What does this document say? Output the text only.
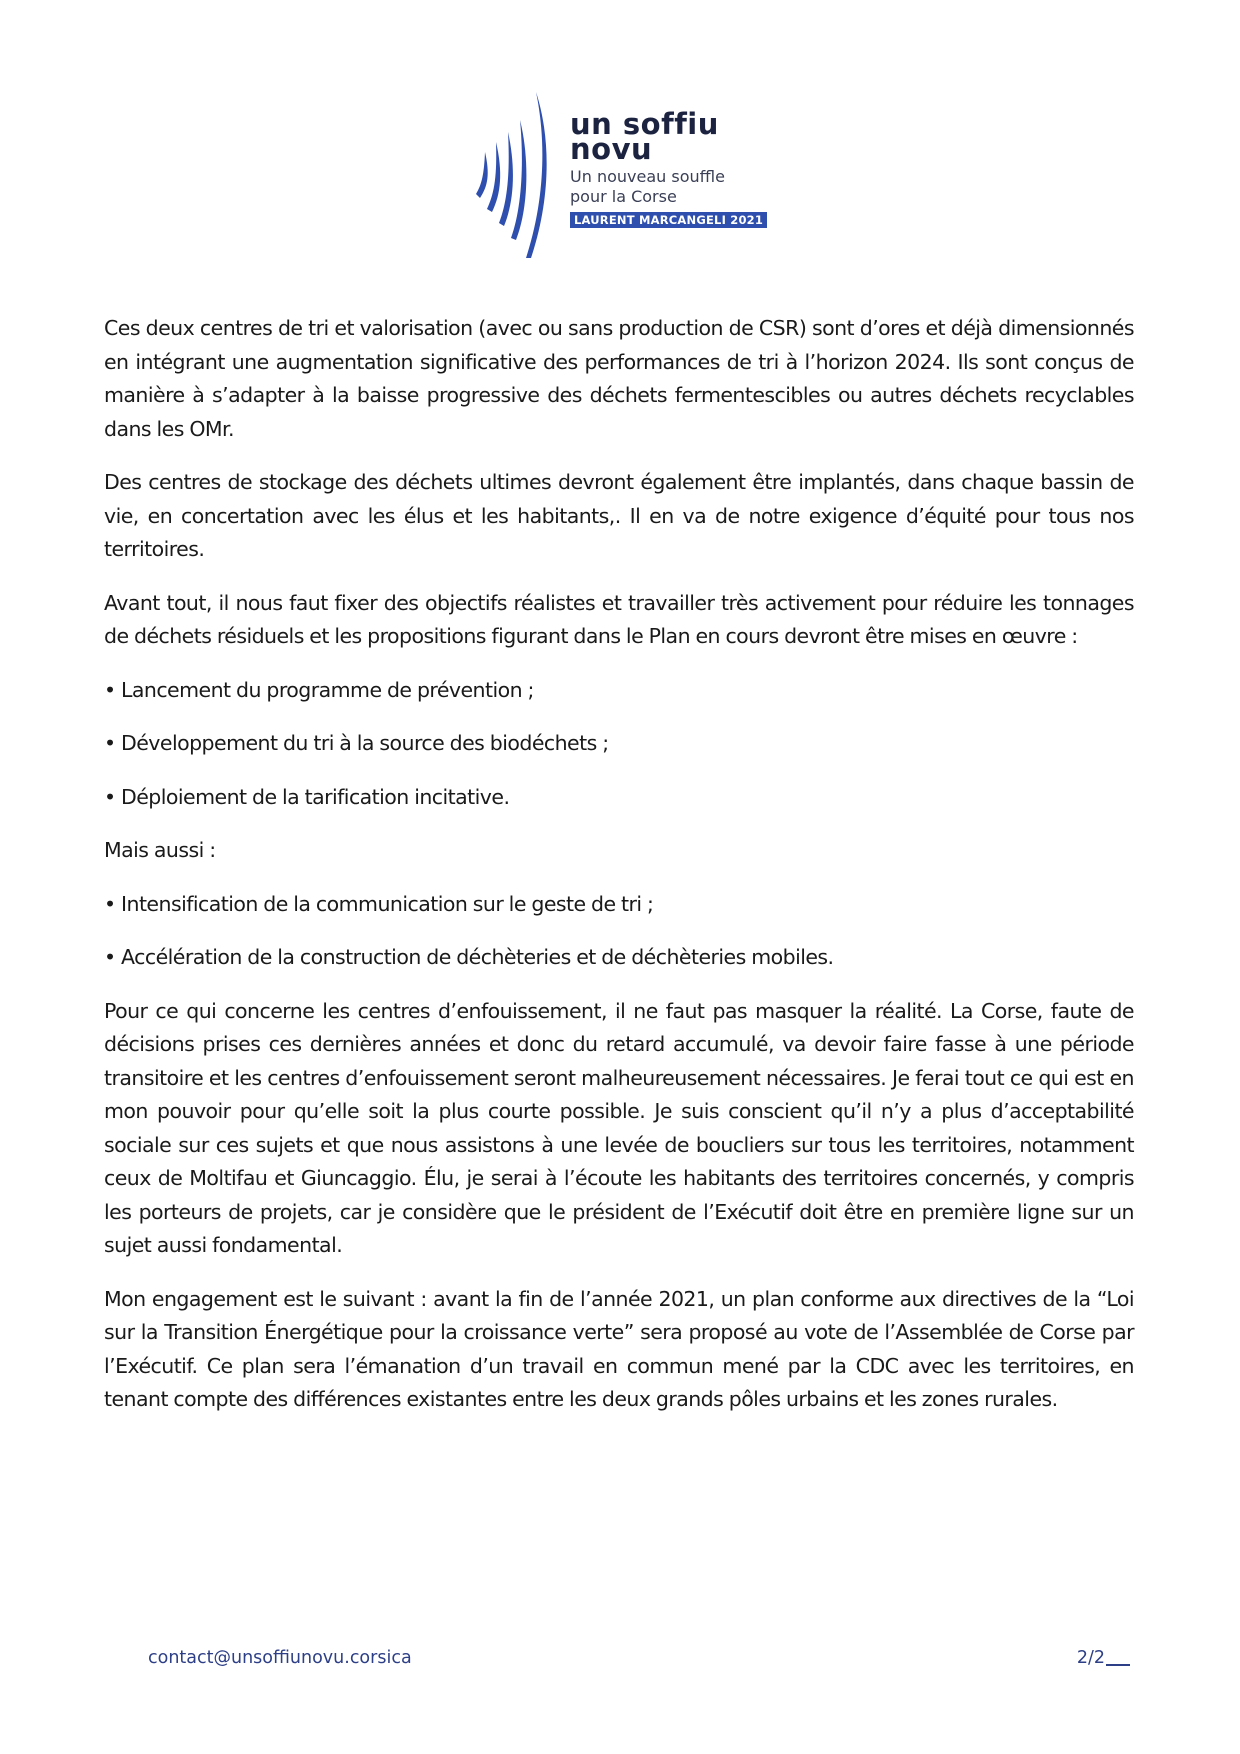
un soffiu
novu
Un nouveau souffle
pour la Corse
LAURENT MARCANGELI 2021

Ces deux centres de tri et valorisation (avec ou sans production de CSR) sont d’ores et déjà dimensionnés en intégrant une augmentation significative des performances de tri à l’horizon 2024. Ils sont conçus de manière à s’adapter à la baisse progressive des déchets fermentescibles ou autres déchets recyclables dans les OMr.

Des centres de stockage des déchets ultimes devront également être implantés, dans chaque bassin de vie, en concertation avec les élus et les habitants,. Il en va de notre exigence d’équité pour tous nos territoires.

Avant tout, il nous faut fixer des objectifs réalistes et travailler très activement pour réduire les tonnages de déchets résiduels et les propositions figurant dans le Plan en cours devront être mises en œuvre :

• Lancement du programme de prévention ;

• Développement du tri à la source des biodéchets ;

• Déploiement de la tarification incitative.

Mais aussi :

• Intensification de la communication sur le geste de tri ;

• Accélération de la construction de déchèteries et de déchèteries mobiles.

Pour ce qui concerne les centres d’enfouissement, il ne faut pas masquer la réalité. La Corse, faute de décisions prises ces dernières années et donc du retard accumulé, va devoir faire fasse à une période transitoire et les centres d’enfouissement seront malheureusement nécessaires. Je ferai tout ce qui est en mon pouvoir pour qu’elle soit la plus courte possible. Je suis conscient qu’il n’y a plus d’acceptabilité sociale sur ces sujets et que nous assistons à une levée de boucliers sur tous les territoires, notamment ceux de Moltifau et Giuncaggio. Élu, je serai à l’écoute les habitants des territoires concernés, y compris les porteurs de projets, car je considère que le président de l’Exécutif doit être en première ligne sur un sujet aussi fondamental.

Mon engagement est le suivant : avant la fin de l’année 2021, un plan conforme aux directives de la “Loi sur la Transition Énergétique pour la croissance verte” sera proposé au vote de l’Assemblée de Corse par l’Exécutif. Ce plan sera l’émanation d’un travail en commun mené par la CDC avec les territoires, en tenant compte des différences existantes entre les deux grands pôles urbains et les zones rurales.

contact@unsoffiunovu.corsica	2/2
